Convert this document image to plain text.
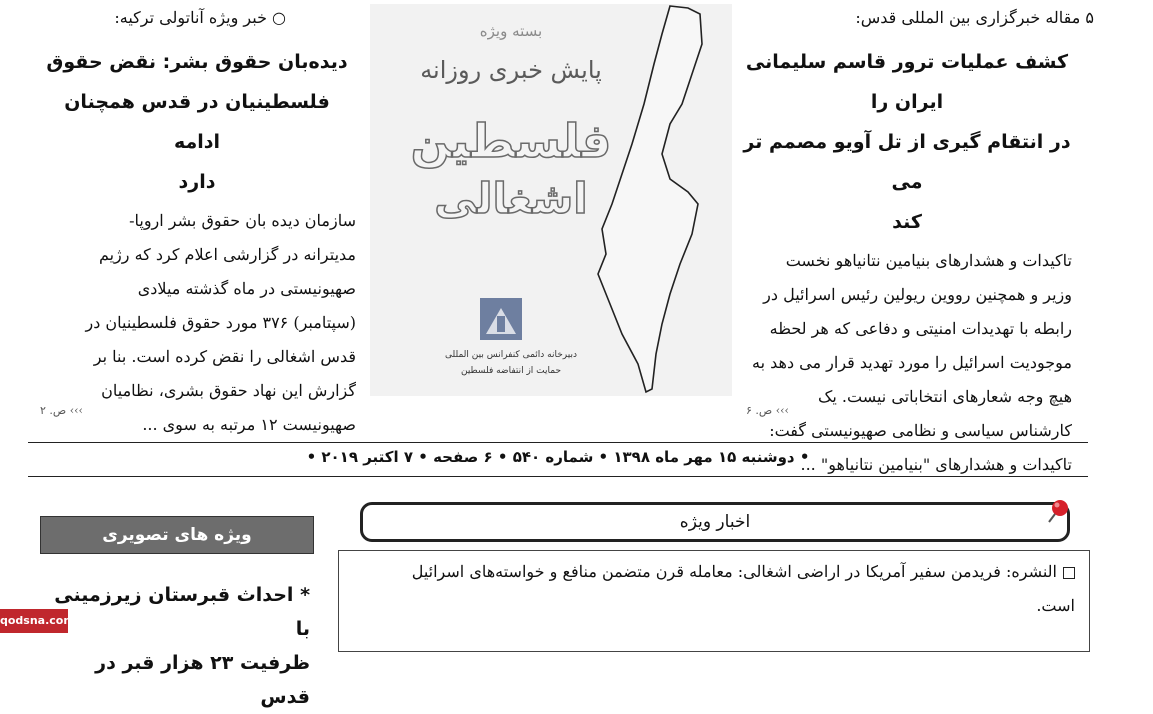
۵ مقاله خبرگزاری بین المللی قدس:
کشف عملیات ترور قاسم سلیمانی ایران را
در انتقام گیری از تل آویو مصمم تر می
کند
تاکیدات و هشدارهای بنیامین نتانیاهو نخست
وزیر و همچنین رووین ریولین رئیس اسرائیل در
رابطه با تهدیدات امنیتی و دفاعی که هر لحظه
موجودیت اسرائیل را مورد تهدید قرار می دهد به
هیچ وجه شعارهای انتخاباتی نیست. یک
کارشناس سیاسی و نظامی صهیونیستی گفت:
تاکیدات و هشدارهای "بنیامین نتانیاهو" ...
››› ص. ۶
○ خبر ویژه آناتولی ترکیه:
دیده‌بان حقوق بشر: نقض حقوق
فلسطینیان در قدس همچنان ادامه
دارد
سازمان دیده بان حقوق بشر اروپا-
مدیترانه در گزارشی اعلام کرد که رژیم
صهیونیستی در ماه گذشته میلادی
(سپتامبر) ۳۷۶ مورد حقوق فلسطینیان در
قدس اشغالی را نقض کرده است. بنا بر
گزارش این نهاد حقوق بشری، نظامیان
صهیونیست ۱۲ مرتبه به سوی ...
››› ص. ۲
بسته ویژه
پایش خبری روزانه
فلسطین
اشغالی
دبیرخانه دائمی کنفرانس بین المللی
حمایت از انتفاضه فلسطین
• دوشنبه ۱۵ مهر ماه ۱۳۹۸ • شماره ۵۴۰ • ۶ صفحه • ۷ اکتبر ۲۰۱۹ •
ویژه های تصویری
* احداث قبرستان زیرزمینی با
ظرفیت ۲۳ هزار قبر در قدس
النشره: فریدمن سفیر آمریکا در اراضی اشغالی: معامله قرن متضمن منافع و خواسته‌های اسرائیل
است.
اخبار ویژه
qodsna.com
